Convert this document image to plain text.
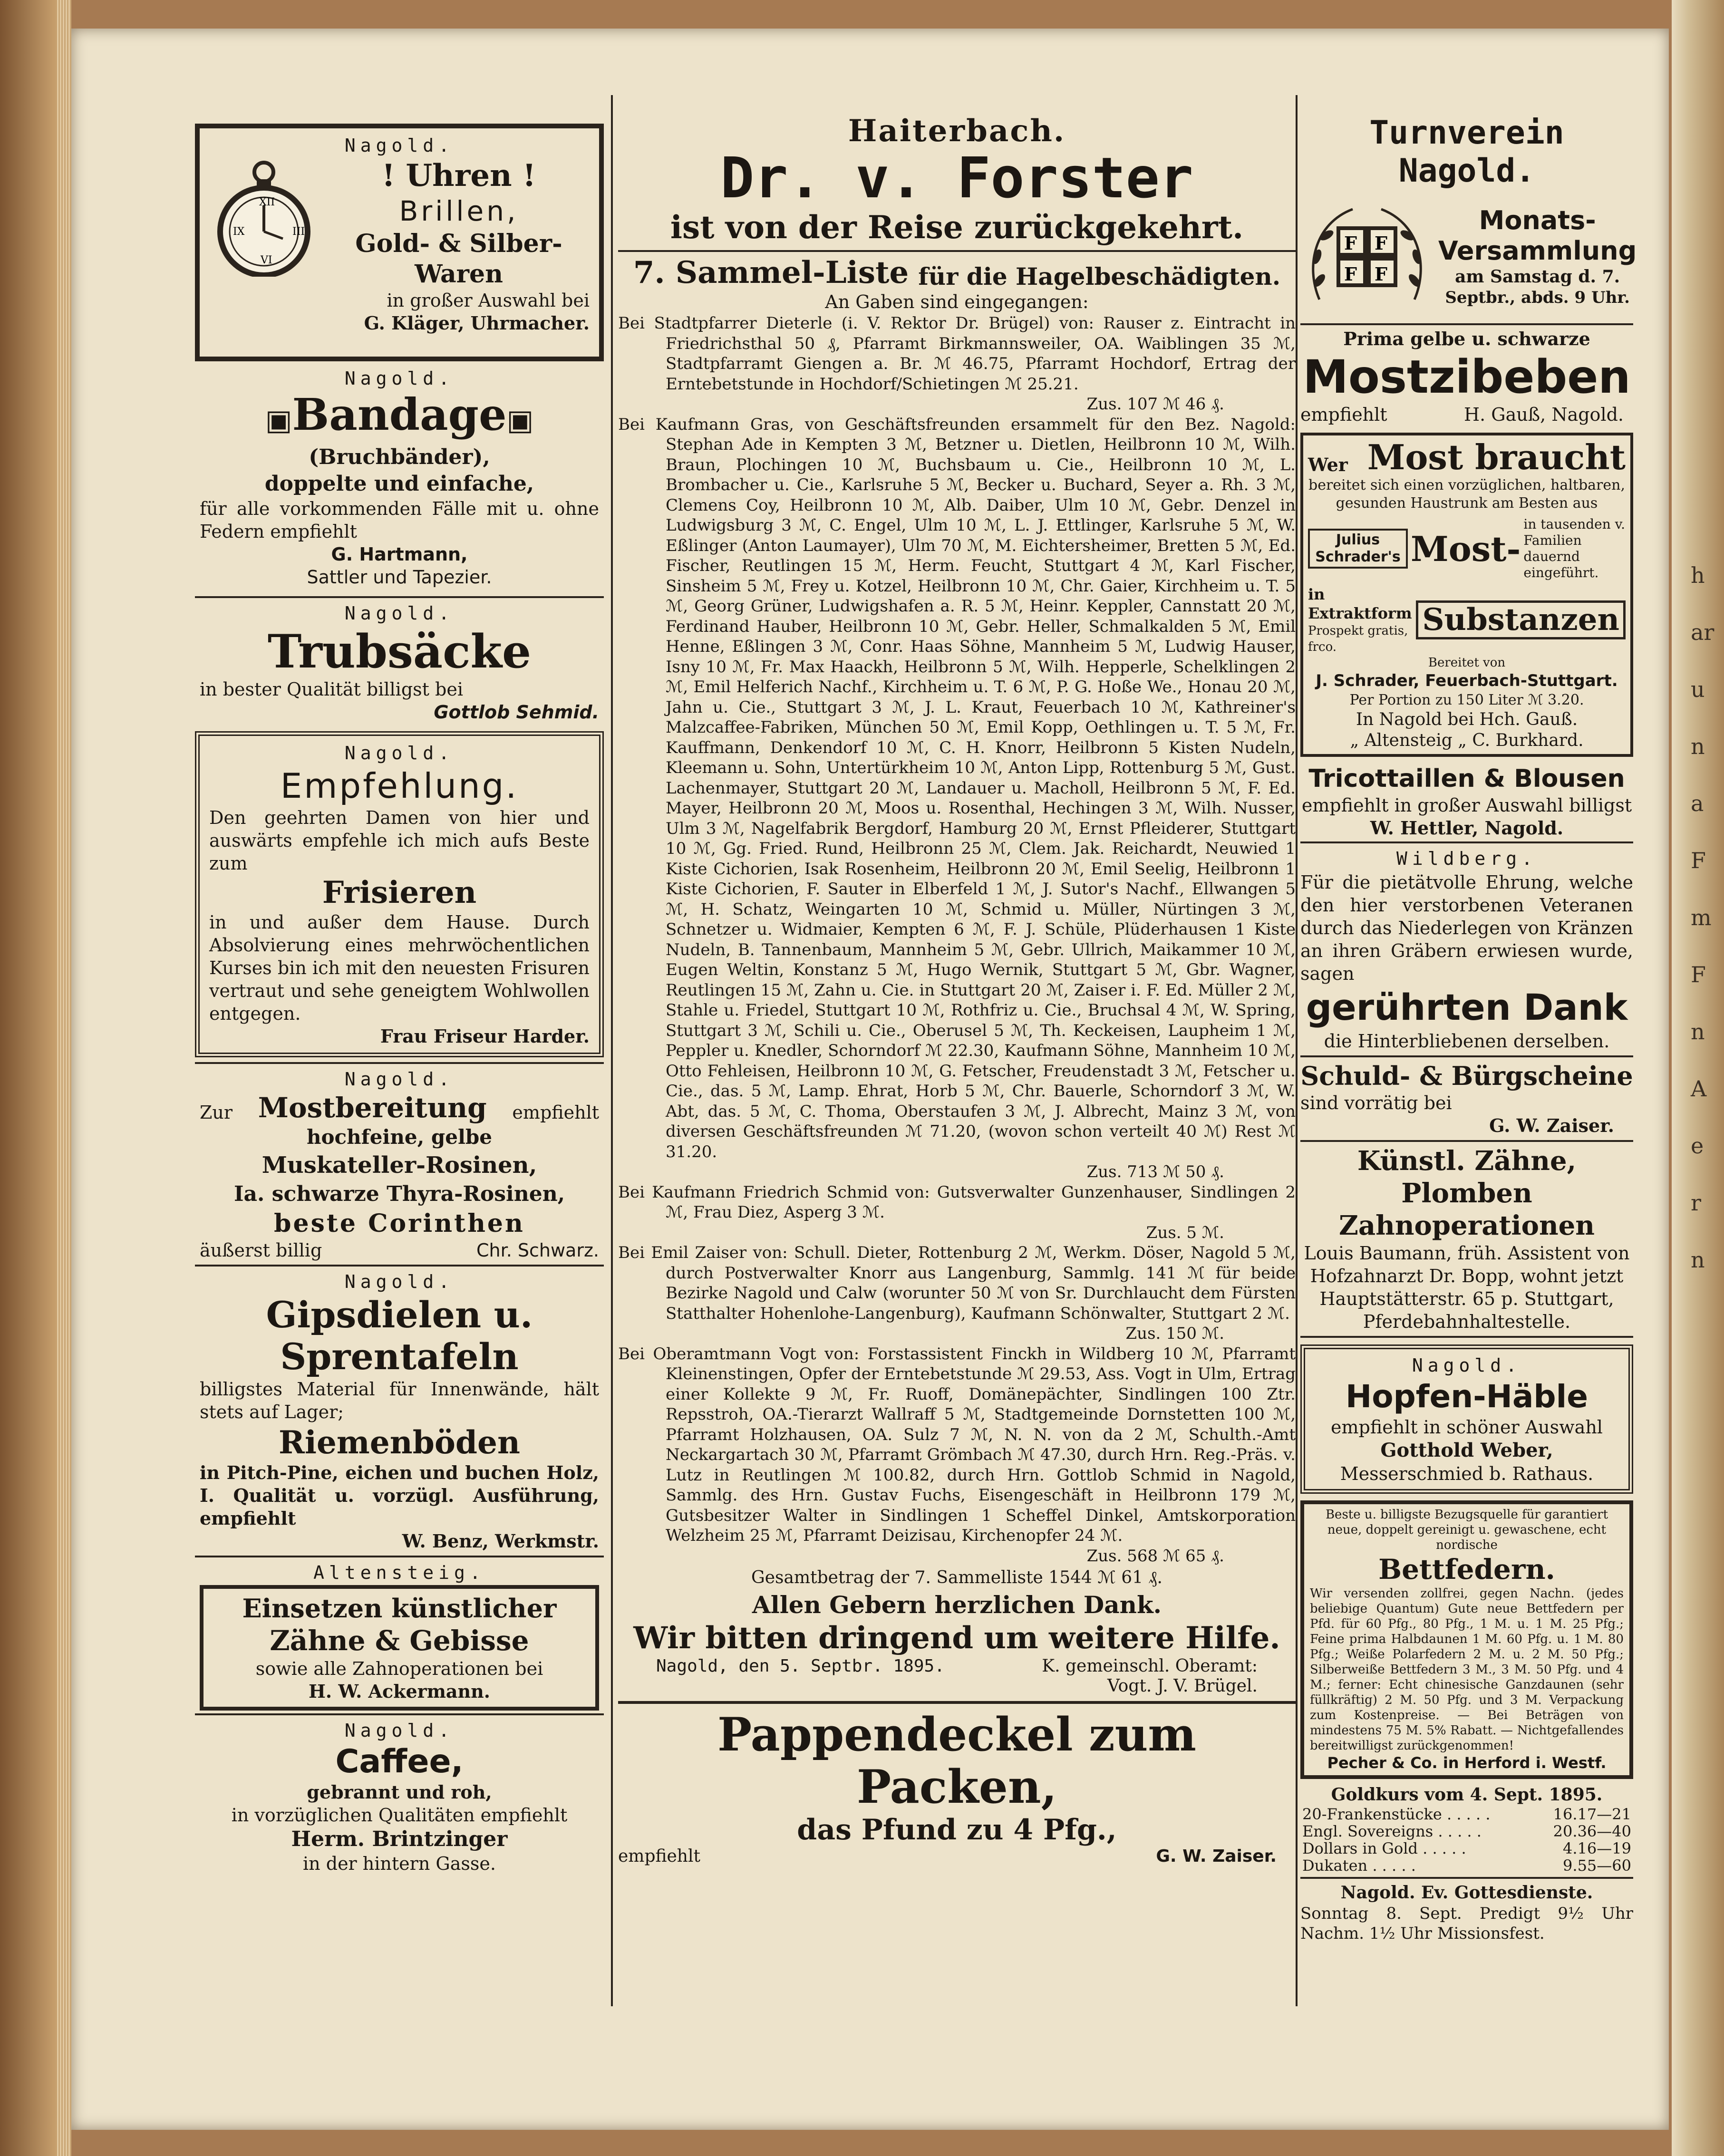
h
ar
u
n
a
F
m
F
n
A
e
r
n
Nagold.
XII
III
VI
IX
! Uhren !
Brillen,
Gold- & Silber-
Waren
in großer Auswahl bei
G. Kläger, Uhrmacher.
Nagold.
▣Bandage▣
(Bruchbänder),
doppelte und einfache,
für alle vorkommenden Fälle mit u. ohne Federn empfiehlt
G. Hartmann,
Sattler und Tapezier.
Nagold.
Trubsäcke
in bester Qualität billigst bei
Gottlob Sehmid.
Nagold.
Empfehlung.
Den geehrten Damen von hier und auswärts empfehle ich mich aufs Beste zum
Frisieren
in und außer dem Hause. Durch Absolvierung eines mehrwöchentlichen Kurses bin ich mit den neuesten Frisuren vertraut und sehe geneigtem Wohlwollen entgegen.
Frau Friseur Harder.
Nagold.
Zur Mostbereitung empfiehlt
hochfeine, gelbe
Muskateller-Rosinen,
Ia. schwarze Thyra-Rosinen,
beste Corinthen
äußerst billig	Chr. Schwarz.
Nagold.
Gipsdielen u.
Sprentafeln
billigstes Material für Innenwände, hält stets auf Lager;
Riemenböden
in Pitch-Pine, eichen und buchen Holz, I. Qualität u. vorzügl. Ausführung, empfiehlt
W. Benz, Werkmstr.
Altensteig.
Einsetzen künstlicher
Zähne & Gebisse
sowie alle Zahnoperationen bei
H. W. Ackermann.
Nagold.
Caffee,
gebrannt und roh,
in vorzüglichen Qualitäten empfiehlt
Herm. Brintzinger
in der hintern Gasse.
Haiterbach.
Dr. v. Forster
ist von der Reise zurückgekehrt.
7. Sammel-Liste für die Hagelbeschädigten.
An Gaben sind eingegangen:

Bei Stadtpfarrer Dieterle (i. V. Rektor Dr. Brügel) von: Rauser z. Eintracht in Friedrichsthal 50 ₰, Pfarramt Birkmannsweiler, OA. Waiblingen 35 ℳ, Stadtpfarramt Giengen a. Br. ℳ 46.75, Pfarramt Hochdorf, Ertrag der Erntebetstunde in Hochdorf/Schietingen ℳ 25.21.

Zus. 107 ℳ 46 ₰.

Bei Kaufmann Gras, von Geschäftsfreunden ersammelt für den Bez. Nagold: Stephan Ade in Kempten 3 ℳ, Betzner u. Dietlen, Heilbronn 10 ℳ, Wilh. Braun, Plochingen 10 ℳ, Buchsbaum u. Cie., Heilbronn 10 ℳ, L. Brombacher u. Cie., Karlsruhe 5 ℳ, Becker u. Buchard, Seyer a. Rh. 3 ℳ, Clemens Coy, Heilbronn 10 ℳ, Alb. Daiber, Ulm 10 ℳ, Gebr. Denzel in Ludwigsburg 3 ℳ, C. Engel, Ulm 10 ℳ, L. J. Ettlinger, Karlsruhe 5 ℳ, W. Eßlinger (Anton Laumayer), Ulm 70 ℳ, M. Eichtersheimer, Bretten 5 ℳ, Ed. Fischer, Reutlingen 15 ℳ, Herm. Feucht, Stuttgart 4 ℳ, Karl Fischer, Sinsheim 5 ℳ, Frey u. Kotzel, Heilbronn 10 ℳ, Chr. Gaier, Kirchheim u. T. 5 ℳ, Georg Grüner, Ludwigshafen a. R. 5 ℳ, Heinr. Keppler, Cannstatt 20 ℳ, Ferdinand Hauber, Heilbronn 10 ℳ, Gebr. Heller, Schmalkalden 5 ℳ, Emil Henne, Eßlingen 3 ℳ, Conr. Haas Söhne, Mannheim 5 ℳ, Ludwig Hauser, Isny 10 ℳ, Fr. Max Haackh, Heilbronn 5 ℳ, Wilh. Hepperle, Schelklingen 2 ℳ, Emil Helferich Nachf., Kirchheim u. T. 6 ℳ, P. G. Hoße We., Honau 20 ℳ, Jahn u. Cie., Stuttgart 3 ℳ, J. L. Kraut, Feuerbach 10 ℳ, Kathreiner's Malzcaffee-Fabriken, München 50 ℳ, Emil Kopp, Oethlingen u. T. 5 ℳ, Fr. Kauffmann, Denkendorf 10 ℳ, C. H. Knorr, Heilbronn 5 Kisten Nudeln, Kleemann u. Sohn, Untertürkheim 10 ℳ, Anton Lipp, Rottenburg 5 ℳ, Gust. Lachenmayer, Stuttgart 20 ℳ, Landauer u. Macholl, Heilbronn 5 ℳ, F. Ed. Mayer, Heilbronn 20 ℳ, Moos u. Rosenthal, Hechingen 3 ℳ, Wilh. Nusser, Ulm 3 ℳ, Nagelfabrik Bergdorf, Hamburg 20 ℳ, Ernst Pfleiderer, Stuttgart 10 ℳ, Gg. Fried. Rund, Heilbronn 25 ℳ, Clem. Jak. Reichardt, Neuwied 1 Kiste Cichorien, Isak Rosenheim, Heilbronn 20 ℳ, Emil Seelig, Heilbronn 1 Kiste Cichorien, F. Sauter in Elberfeld 1 ℳ, J. Sutor's Nachf., Ellwangen 5 ℳ, H. Schatz, Weingarten 10 ℳ, Schmid u. Müller, Nürtingen 3 ℳ, Schnetzer u. Widmaier, Kempten 6 ℳ, F. J. Schüle, Plüderhausen 1 Kiste Nudeln, B. Tannenbaum, Mannheim 5 ℳ, Gebr. Ullrich, Maikammer 10 ℳ, Eugen Weltin, Konstanz 5 ℳ, Hugo Wernik, Stuttgart 5 ℳ, Gbr. Wagner, Reutlingen 15 ℳ, Zahn u. Cie. in Stuttgart 20 ℳ, Zaiser i. F. Ed. Müller 2 ℳ, Stahle u. Friedel, Stuttgart 10 ℳ, Rothfriz u. Cie., Bruchsal 4 ℳ, W. Spring, Stuttgart 3 ℳ, Schili u. Cie., Oberusel 5 ℳ, Th. Keckeisen, Laupheim 1 ℳ, Peppler u. Knedler, Schorndorf ℳ 22.30, Kaufmann Söhne, Mannheim 10 ℳ, Otto Fehleisen, Heilbronn 10 ℳ, G. Fetscher, Freudenstadt 3 ℳ, Fetscher u. Cie., das. 5 ℳ, Lamp. Ehrat, Horb 5 ℳ, Chr. Bauerle, Schorndorf 3 ℳ, W. Abt, das. 5 ℳ, C. Thoma, Oberstaufen 3 ℳ, J. Albrecht, Mainz 3 ℳ, von diversen Geschäftsfreunden ℳ 71.20, (wovon schon verteilt 40 ℳ) Rest ℳ 31.20.

Zus. 713 ℳ 50 ₰.

Bei Kaufmann Friedrich Schmid von: Gutsverwalter Gunzenhauser, Sindlingen 2 ℳ, Frau Diez, Asperg 3 ℳ.

Zus. 5 ℳ.

Bei Emil Zaiser von: Schull. Dieter, Rottenburg 2 ℳ, Werkm. Döser, Nagold 5 ℳ, durch Postverwalter Knorr aus Langenburg, Sammlg. 141 ℳ für beide Bezirke Nagold und Calw (worunter 50 ℳ von Sr. Durchlaucht dem Fürsten Statthalter Hohenlohe-Langenburg), Kaufmann Schönwalter, Stuttgart 2 ℳ.

Zus. 150 ℳ.

Bei Oberamtmann Vogt von: Forstassistent Finckh in Wildberg 10 ℳ, Pfarramt Kleinenstingen, Opfer der Erntebetstunde ℳ 29.53, Ass. Vogt in Ulm, Ertrag einer Kollekte 9 ℳ, Fr. Ruoff, Domänepächter, Sindlingen 100 Ztr. Repsstroh, OA.-Tierarzt Wallraff 5 ℳ, Stadtgemeinde Dornstetten 100 ℳ, Pfarramt Holzhausen, OA. Sulz 7 ℳ, N. N. von da 2 ℳ, Schulth.-Amt Neckargartach 30 ℳ, Pfarramt Grömbach ℳ 47.30, durch Hrn. Reg.-Präs. v. Lutz in Reutlingen ℳ 100.82, durch Hrn. Gottlob Schmid in Nagold, Sammlg. des Hrn. Gustav Fuchs, Eisengeschäft in Heilbronn 179 ℳ, Gutsbesitzer Walter in Sindlingen 1 Scheffel Dinkel, Amtskorporation Welzheim 25 ℳ, Pfarramt Deizisau, Kirchenopfer 24 ℳ.

Zus. 568 ℳ 65 ₰.

Gesamtbetrag der 7. Sammelliste 1544 ℳ 61 ₰.
Allen Gebern herzlichen Dank.
Wir bitten dringend um weitere Hilfe.
Nagold, den 5. Septbr. 1895.	K. gemeinschl. Oberamt:
Vogt. J. V. Brügel.
Pappendeckel zum Packen,
das Pfund zu 4 Pfg.,
empfiehlt	G. W. Zaiser.
Turnverein Nagold.
F F
F F
Monats-
Versammlung
am Samstag d. 7.
Septbr., abds. 9 Uhr.
Prima gelbe u. schwarze
Mostzibeben
empfiehlt	H. Gauß, Nagold.
Wer Most braucht
bereitet sich einen vorzüglichen, haltbaren, gesunden Haustrunk am Besten aus
Julius Schrader's Most-
in tausenden v. Familien dauernd eingeführt.
in Extraktform
Prospekt gratis, frco.
Substanzen
Bereitet von
J. Schrader, Feuerbach-Stuttgart.
Per Portion zu 150 Liter ℳ 3.20.
In Nagold bei Hch. Gauß.
„ Altensteig „ C. Burkhard.
Tricottaillen & Blousen
empfiehlt in großer Auswahl billigst
W. Hettler, Nagold.
Wildberg.
Für die pietätvolle Ehrung, welche den hier verstorbenen Veteranen durch das Niederlegen von Kränzen an ihren Gräbern erwiesen wurde, sagen
gerührten Dank
die Hinterbliebenen derselben.
Schuld- & Bürgscheine
sind vorrätig bei
G. W. Zaiser.
Künstl. Zähne, Plomben
Zahnoperationen
Louis Baumann, früh. Assistent von Hofzahnarzt Dr. Bopp, wohnt jetzt Hauptstätterstr. 65 p. Stuttgart, Pferdebahnhaltestelle.
Nagold.
Hopfen-Häble
empfiehlt in schöner Auswahl
Gotthold Weber,
Messerschmied b. Rathaus.
Beste u. billigste Bezugsquelle für garantiert neue, doppelt gereinigt u. gewaschene, echt nordische
Bettfedern.
Wir versenden zollfrei, gegen Nachn. (jedes beliebige Quantum) Gute neue Bettfedern per Pfd. für 60 Pfg., 80 Pfg., 1 M. u. 1 M. 25 Pfg.; Feine prima Halbdaunen 1 M. 60 Pfg. u. 1 M. 80 Pfg.; Weiße Polarfedern 2 M. u. 2 M. 50 Pfg.; Silberweiße Bettfedern 3 M., 3 M. 50 Pfg. und 4 M.; ferner: Echt chinesische Ganzdaunen (sehr füllkräftig) 2 M. 50 Pfg. und 3 M. Verpackung zum Kostenpreise. — Bei Beträgen von mindestens 75 M. 5% Rabatt. — Nichtgefallendes bereitwilligst zurückgenommen!
Pecher & Co. in Herford i. Westf.
Goldkurs vom 4. Sept. 1895.
20-Frankenstücke . . . . .	16.17—21
Engl. Sovereigns . . . . .	20.36—40
Dollars in Gold . . . . .	4.16—19
Dukaten . . . . .	9.55—60
Nagold. Ev. Gottesdienste.
Sonntag 8. Sept. Predigt 9½ Uhr Nachm. 1½ Uhr Missionsfest.
